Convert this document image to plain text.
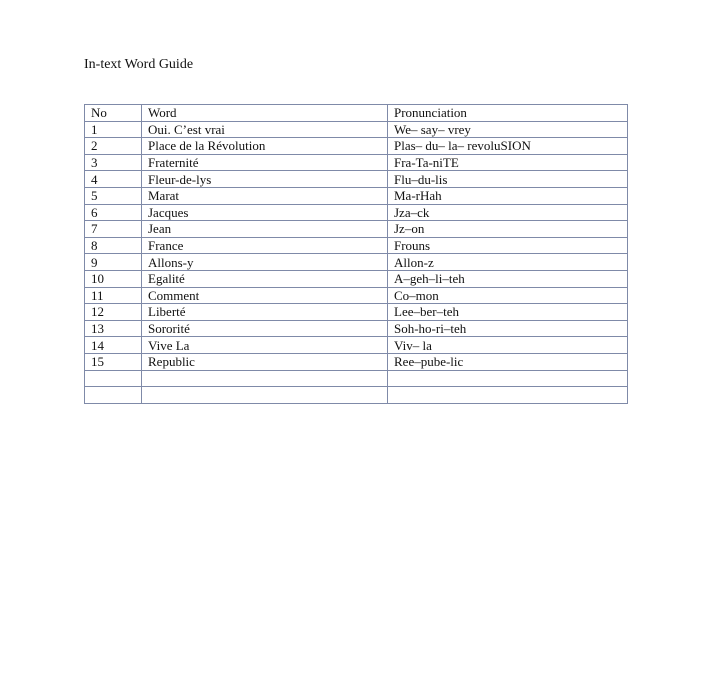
In-text Word Guide
No	Word	Pronunciation
1	Oui. C’est vrai	We– say– vrey
2	Place de la Révolution	Plas– du– la– revoluSION
3	Fraternité	Fra-Ta-niTE
4	Fleur-de-lys	Flu–du-lis
5	Marat	Ma-rHah
6	Jacques	Jza–ck
7	Jean	Jz–on
8	France	Frouns
9	Allons-y	Allon-z
10	Egalité	A–geh–li–teh
11	Comment	Co–mon
12	Liberté	Lee–ber–teh
13	Sororité	Soh-ho-ri–teh
14	Vive La	Viv– la
15	Republic	Ree–pube-lic
